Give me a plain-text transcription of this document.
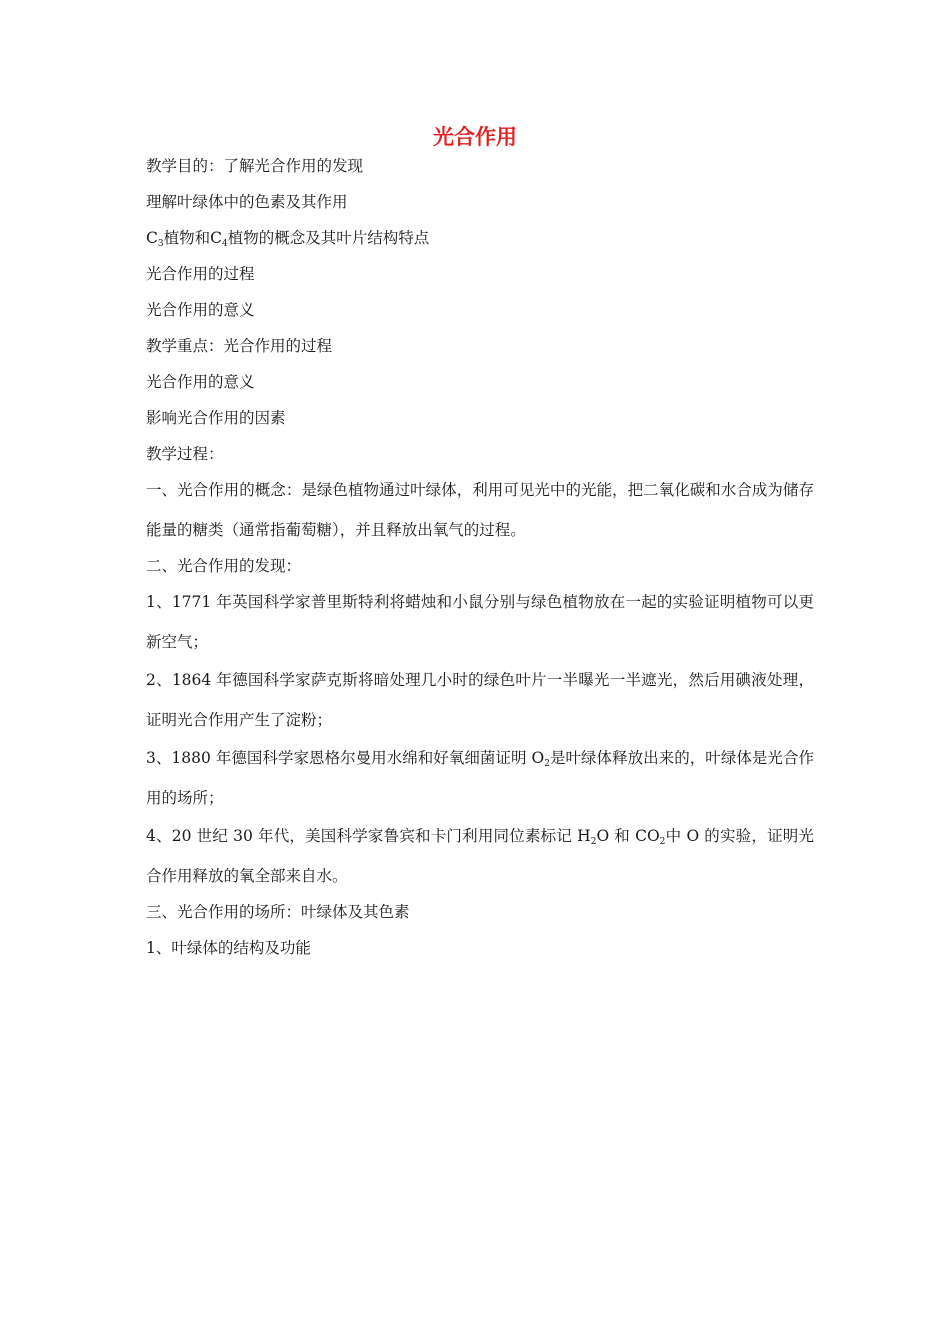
光合作用

教学目的：了解光合作用的发现

理解叶绿体中的色素及其作用

$C_3$植物和$C_4$植物的概念及其叶片结构特点

光合作用的过程

光合作用的意义

教学重点：光合作用的过程

光合作用的意义

影响光合作用的因素

教学过程：

一、光合作用的概念：是绿色植物通过叶绿体，利用可见光中的光能，把二氧化碳和水合成为储存能量的糖类（通常指葡萄糖），并且释放出氧气的过程。

二、光合作用的发现：

1、1771 年英国科学家普里斯特利将蜡烛和小鼠分别与绿色植物放在一起的实验证明植物可以更新空气；

2、1864 年德国科学家萨克斯将暗处理几小时的绿色叶片一半曝光一半遮光，然后用碘液处理，证明光合作用产生了淀粉；

3、1880 年德国科学家恩格尔曼用水绵和好氧细菌证明 $O_2$是叶绿体释放出来的，叶绿体是光合作用的场所；

4、20 世纪 30 年代，美国科学家鲁宾和卡门利用同位素标记 $H_2O$ 和 $CO_2$中 O 的实验，证明光合作用释放的氧全部来自水。

三、光合作用的场所：叶绿体及其色素

1、叶绿体的结构及功能
